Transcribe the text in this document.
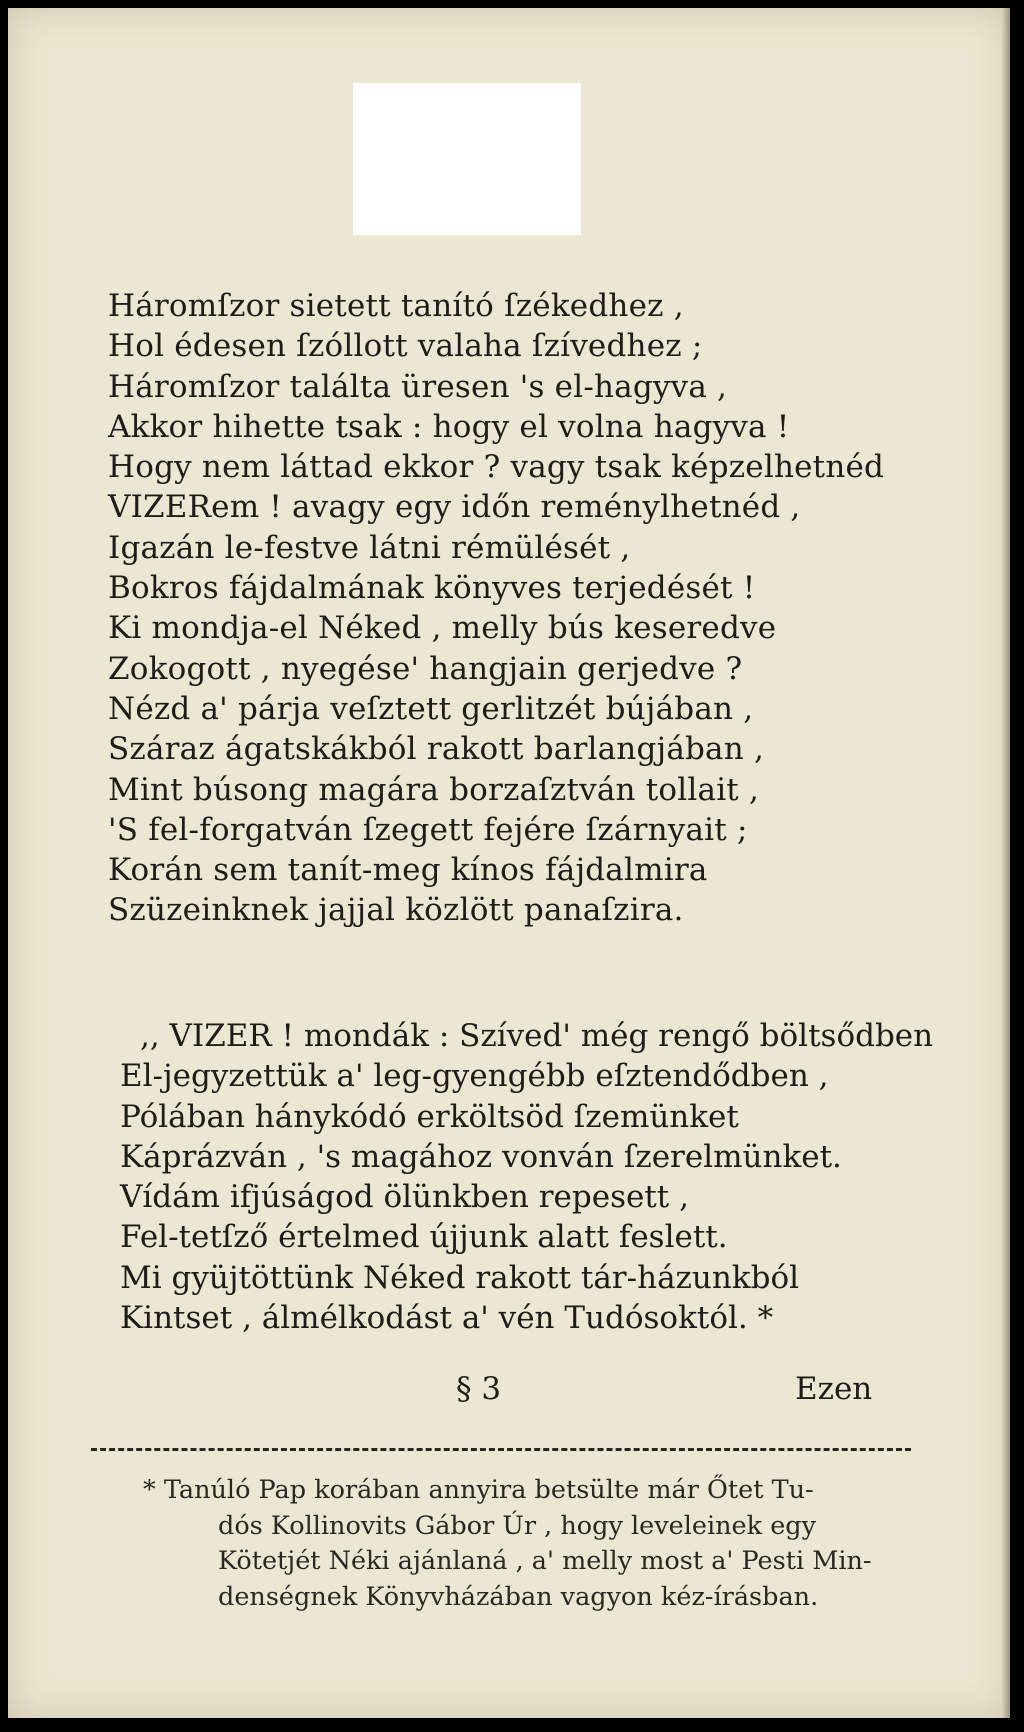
Háromſzor sietett tanító ſzékedhez ,
Hol édesen ſzóllott valaha ſzívedhez ;
Háromſzor találta üresen 's el-hagyva ,
Akkor hihette tsak : hogy el volna hagyva !
Hogy nem láttad ekkor ? vagy tsak képzelhetnéd
VIZERem ! avagy egy időn reménylhetnéd ,
Igazán le-festve látni rémülését ,
Bokros fájdalmának könyves terjedését !
Ki mondja-el Néked , melly bús keseredve
Zokogott , nyegése' hangjain gerjedve ?
Nézd a' párja veſztett gerlitzét bújában ,
Száraz ágatskákból rakott barlangjában ,
Mint búsong magára borzaſztván tollait ,
'S fel-forgatván ſzegett fejére ſzárnyait ;
Korán sem tanít-meg kínos fájdalmira
Szüzeinknek jajjal közlött panaſzira.
,, VIZER ! mondák : Szíved' még rengő böltsődben
El-jegyzettük a' leg-gyengébb eſztendődben ,
Pólában hánykódó erköltsöd ſzemünket
Káprázván , 's magához vonván ſzerelmünket.
Vídám ifjúságod ölünkben repesett ,
Fel-tetſző értelmed újjunk alatt feslett.
Mi gyüjtöttünk Néked rakott tár-házunkból
Kintset , álmélkodást a' vén Tudósoktól. *
§ 3	Ezen
* Tanúló Pap korában annyira betsülte már Őtet Tu-
dós Kollinovits Gábor Úr , hogy leveleinek egy
Kötetjét Néki ajánlaná , a' melly most a' Pesti Min-
denségnek Könyvházában vagyon kéz-írásban.
